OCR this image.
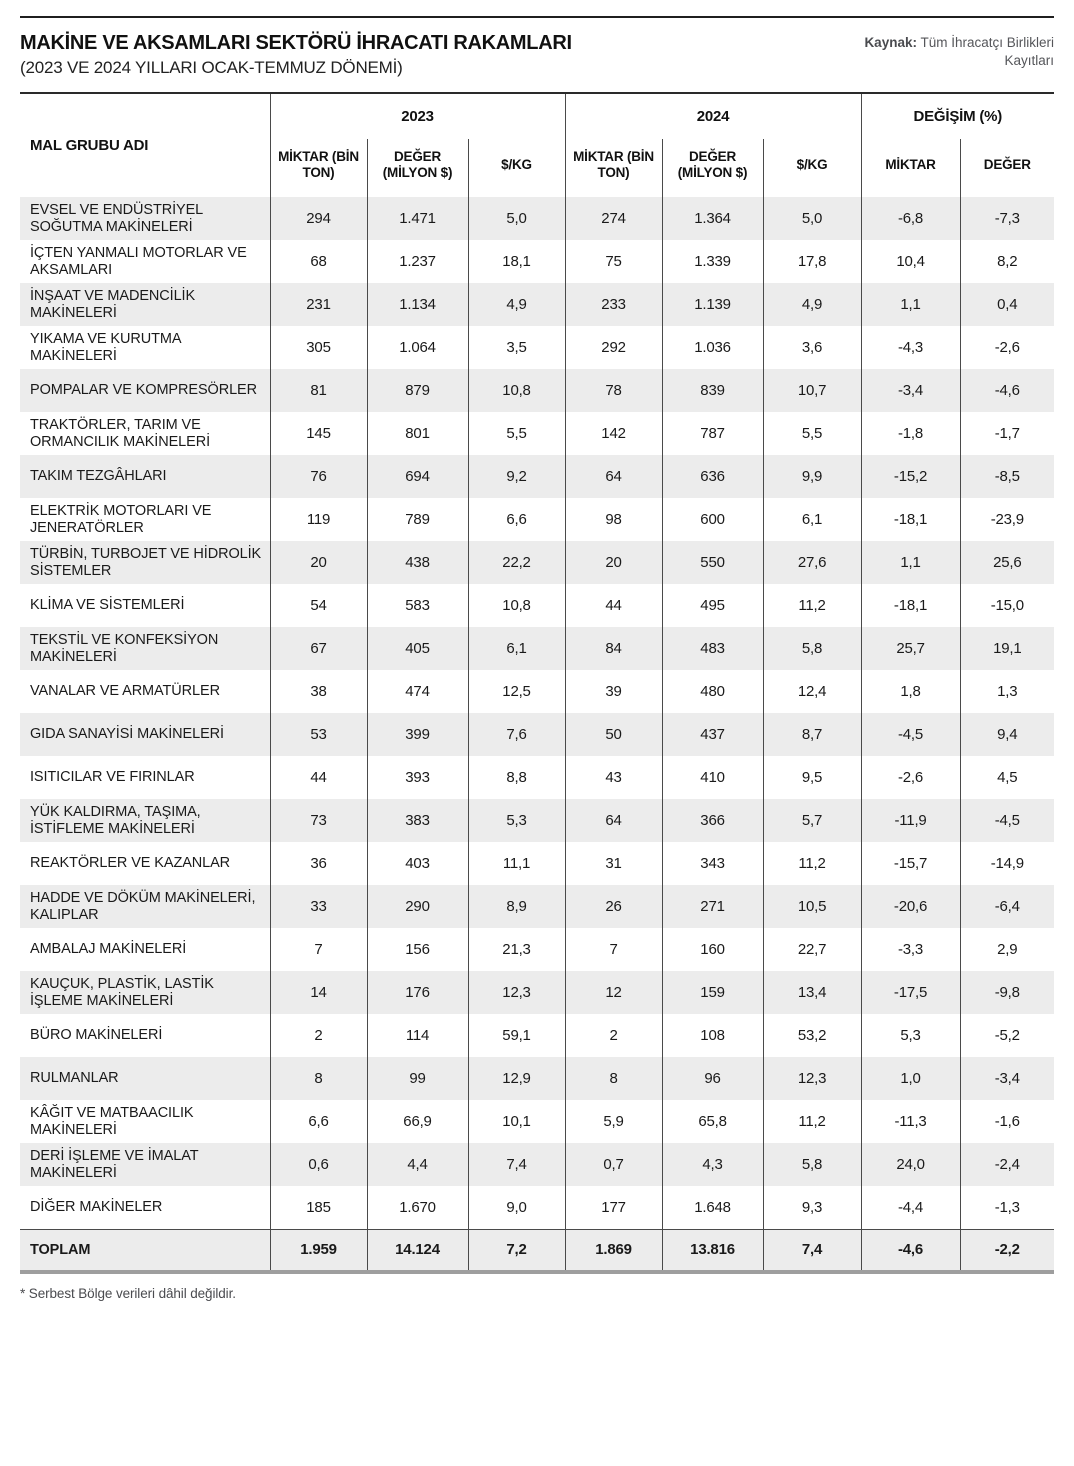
MAKİNE VE AKSAMLARI SEKTÖRÜ İHRACATI RAKAMLARI
(2023 VE 2024 YILLARI OCAK-TEMMUZ DÖNEMİ)
Kaynak: Tüm İhracatçı Birlikleri Kayıtları
MAL GRUBU ADI	2023			2024			DEĞİŞİM (%)	
	MİKTAR (BİN TON)	DEĞER (MİLYON $)	$/KG	MİKTAR (BİN TON)	DEĞER (MİLYON $)	$/KG	MİKTAR	DEĞER
EVSEL VE ENDÜSTRİYEL SOĞUTMA MAKİNELERİ	294	1.471	5,0	274	1.364	5,0	-6,8	-7,3
İÇTEN YANMALI MOTORLAR VE AKSAMLARI	68	1.237	18,1	75	1.339	17,8	10,4	8,2
İNŞAAT VE MADENCİLİK MAKİNELERİ	231	1.134	4,9	233	1.139	4,9	1,1	0,4
YIKAMA VE KURUTMA MAKİNELERİ	305	1.064	3,5	292	1.036	3,6	-4,3	-2,6
POMPALAR VE KOMPRESÖRLER	81	879	10,8	78	839	10,7	-3,4	-4,6
TRAKTÖRLER, TARIM VE ORMANCILIK MAKİNELERİ	145	801	5,5	142	787	5,5	-1,8	-1,7
TAKIM TEZGÂHLARI	76	694	9,2	64	636	9,9	-15,2	-8,5
ELEKTRİK MOTORLARI VE JENERATÖRLER	119	789	6,6	98	600	6,1	-18,1	-23,9
TÜRBİN, TURBOJET VE HİDROLİK SİSTEMLER	20	438	22,2	20	550	27,6	1,1	25,6
KLİMA VE SİSTEMLERİ	54	583	10,8	44	495	11,2	-18,1	-15,0
TEKSTİL VE KONFEKSİYON MAKİNELERİ	67	405	6,1	84	483	5,8	25,7	19,1
VANALAR VE ARMATÜRLER	38	474	12,5	39	480	12,4	1,8	1,3
GIDA SANAYİSİ MAKİNELERİ	53	399	7,6	50	437	8,7	-4,5	9,4
ISITICILAR VE FIRINLAR	44	393	8,8	43	410	9,5	-2,6	4,5
YÜK KALDIRMA, TAŞIMA, İSTİFLEME MAKİNELERİ	73	383	5,3	64	366	5,7	-11,9	-4,5
REAKTÖRLER VE KAZANLAR	36	403	11,1	31	343	11,2	-15,7	-14,9
HADDE VE DÖKÜM MAKİNELERİ, KALIPLAR	33	290	8,9	26	271	10,5	-20,6	-6,4
AMBALAJ MAKİNELERİ	7	156	21,3	7	160	22,7	-3,3	2,9
KAUÇUK, PLASTİK, LASTİK İŞLEME MAKİNELERİ	14	176	12,3	12	159	13,4	-17,5	-9,8
BÜRO MAKİNELERİ	2	114	59,1	2	108	53,2	5,3	-5,2
RULMANLAR	8	99	12,9	8	96	12,3	1,0	-3,4
KÂĞIT VE MATBAACILIK MAKİNELERİ	6,6	66,9	10,1	5,9	65,8	11,2	-11,3	-1,6
DERİ İŞLEME VE İMALAT MAKİNELERİ	0,6	4,4	7,4	0,7	4,3	5,8	24,0	-2,4
DİĞER MAKİNELER	185	1.670	9,0	177	1.648	9,3	-4,4	-1,3
TOPLAM	1.959	14.124	7,2	1.869	13.816	7,4	-4,6	-2,2
* Serbest Bölge verileri dâhil değildir.
